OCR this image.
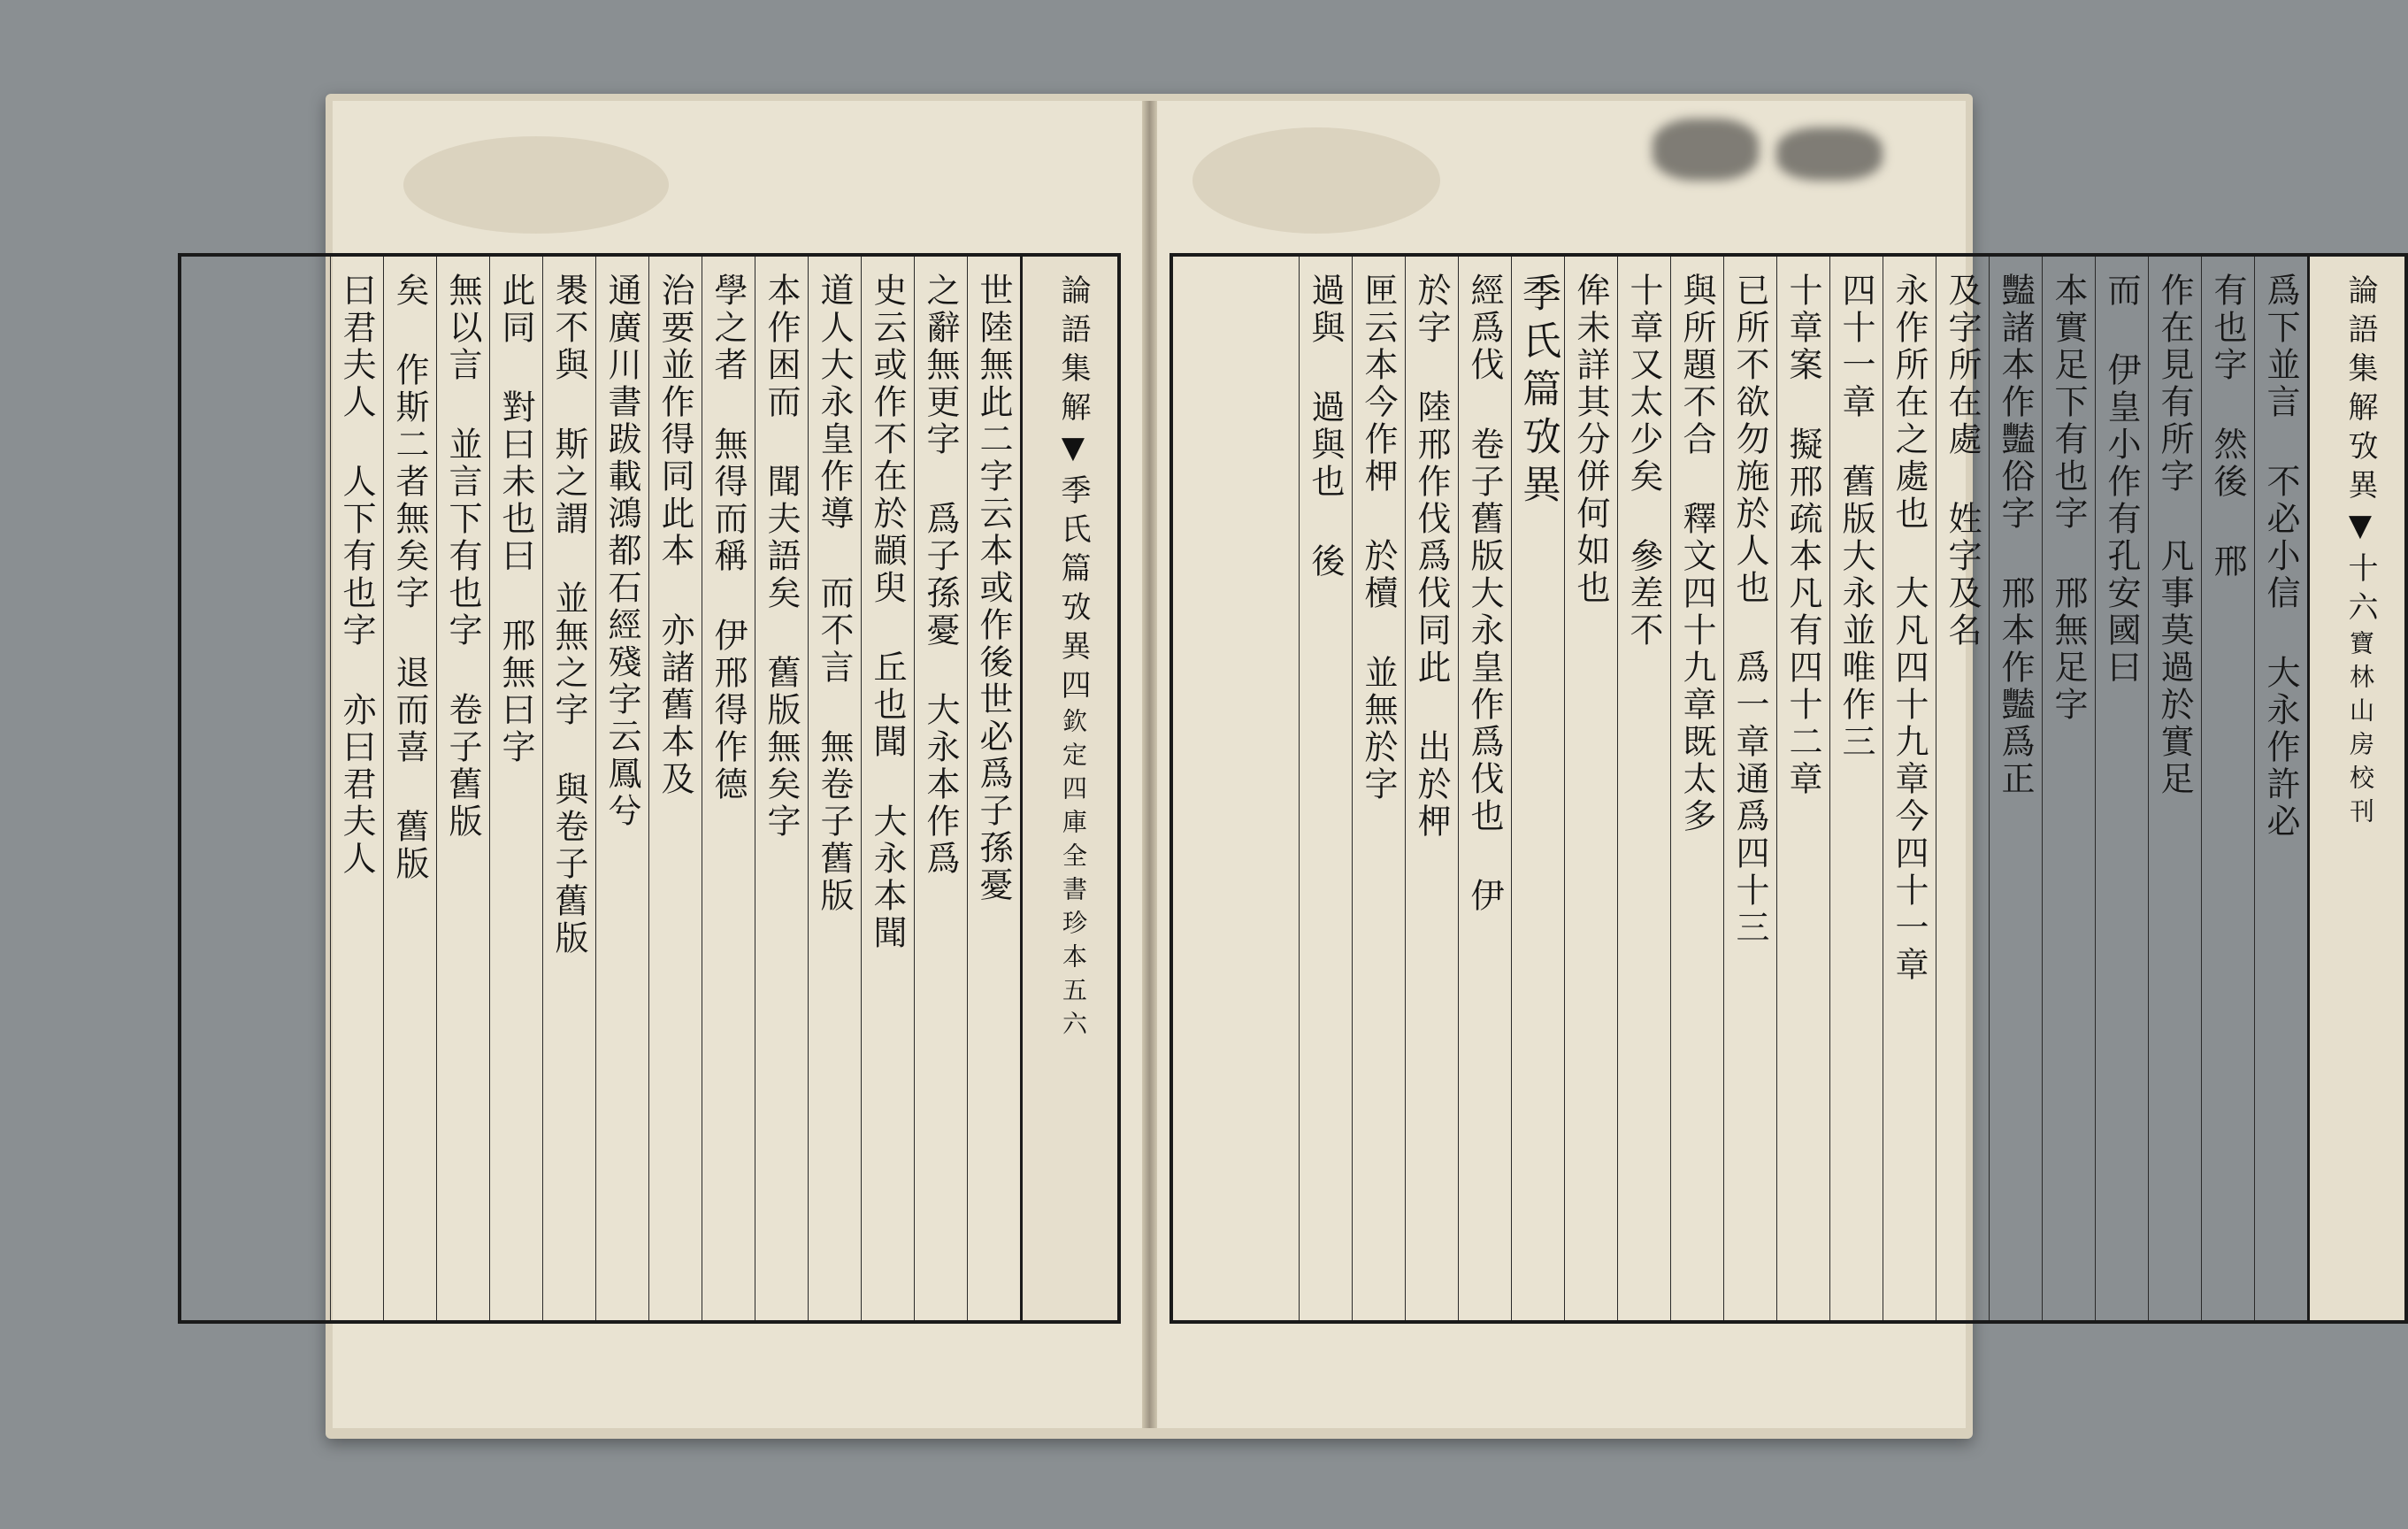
論語集解▼季氏篇攷異四欽定四庫全書珍本五六
世陸無此二字云本或作後世必爲子孫憂
之辭無更字 爲子孫憂 大永本作爲
史云或作不在於顓臾 丘也聞 大永本聞
道人大永皇作導 而不言 無卷子舊版
本作困而 聞夫語矣 舊版無矣字
學之者 無得而稱 伊邢得作德
治要並作得同此本 亦諸舊本及
通廣川書跋載鴻都石經殘字云鳳兮
褁不與 斯之謂 並無之字 與卷子舊版
此同 對曰未也曰 邢無曰字
無以言 並言下有也字 卷子舊版
矣 作斯二者無矣字 退而喜 舊版
曰君夫人 人下有也字 亦曰君夫人	論語集解攷異▼十六寶林山房校刊
爲下並言 不必小信 大永作許必
有也字 然後 邢
作在見有所字 凡事莫過於實足
而 伊皇小作有孔安國曰
本實足下有也字 邢無足字
豔諸本作豔俗字 邢本作豔爲正
及字所在處 姓字及名
永作所在之處也 大凡四十九章今四十一章
四十一章 舊版大永並唯作三
十章案 擬邢疏本凡有四十二章
已所不欲勿施於人也 爲一章通爲四十三
與所題不合 釋文四十九章既太多
十章又太少矣 參差不
侔未詳其分併何如也
季氏篇攷異
經爲伐 卷子舊版大永皇作爲伐也 伊
於字 陸邢作伐爲伐同此 出於柙
匣云本今作柙 於櫝 並無於字
過與 過與也 後
